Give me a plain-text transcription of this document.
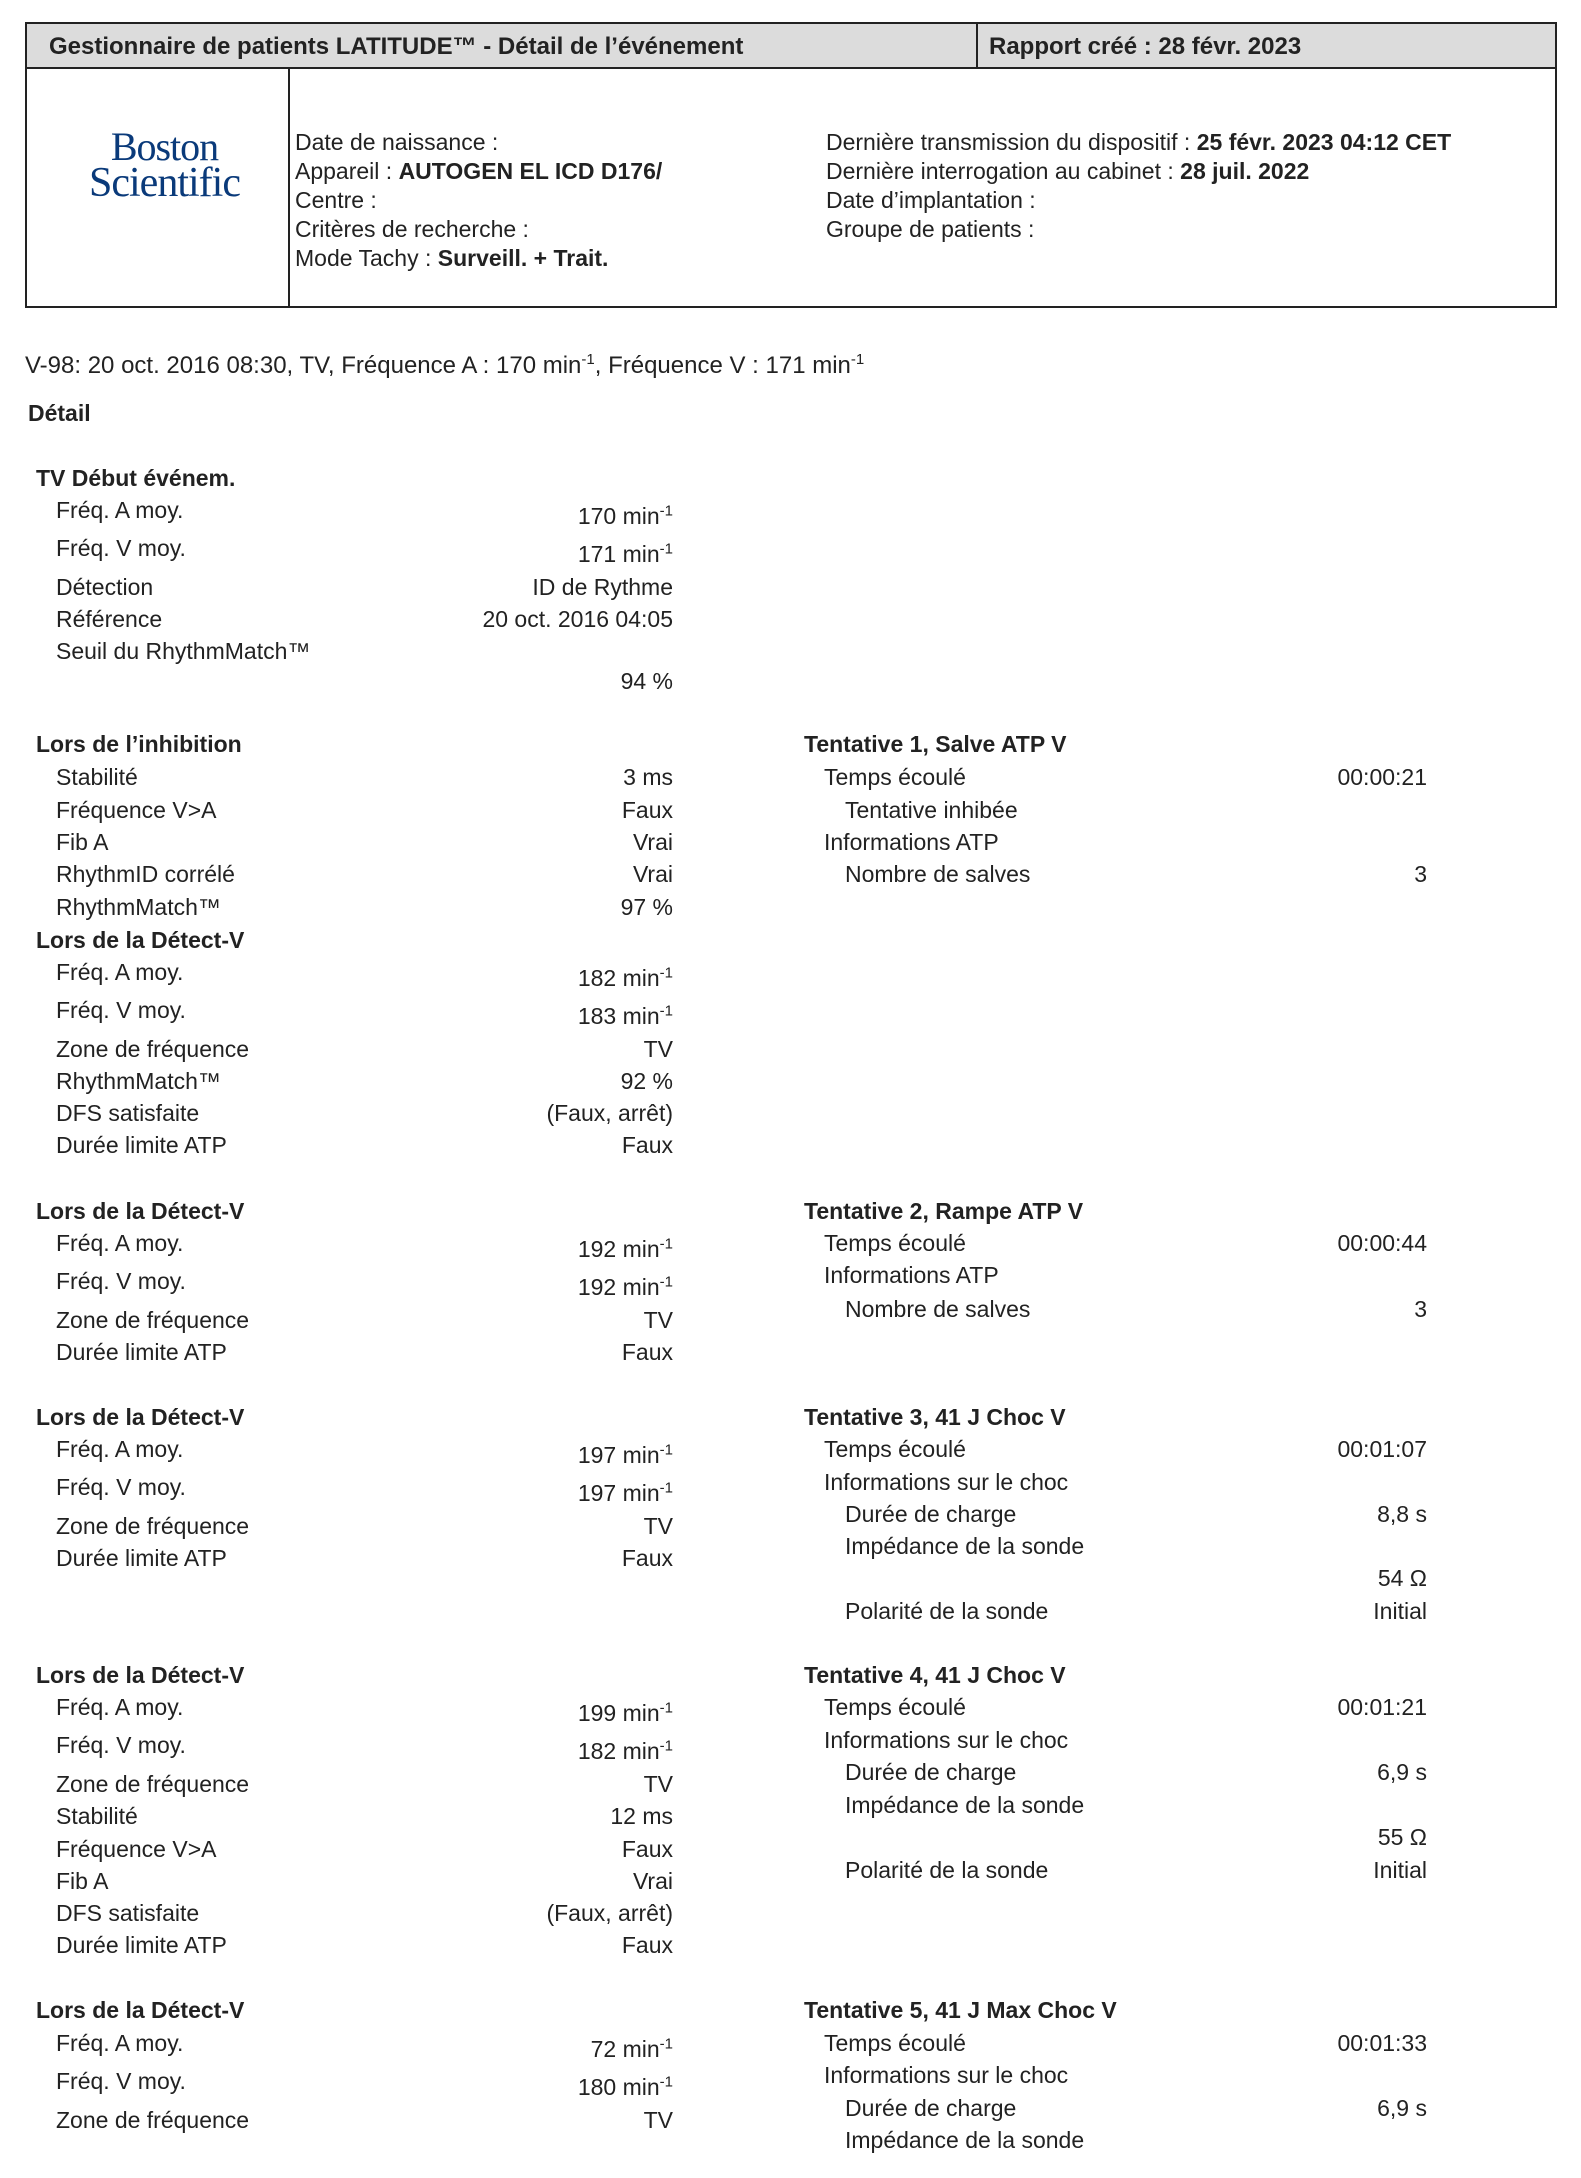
Gestionnaire de patients LATITUDE™ - Détail de l’événement	Rapport créé : 28 févr. 2023
Boston
Scientific
Date de naissance :
Appareil : AUTOGEN EL ICD D176/
Centre :
Critères de recherche :
Mode Tachy : Surveill. + Trait.
Dernière transmission du dispositif : 25 févr. 2023 04:12 CET
Dernière interrogation au cabinet : 28 juil. 2022
Date d’implantation :
Groupe de patients :
V-98: 20 oct. 2016 08:30, TV, Fréquence A : 170 $\min^{-1}$, Fréquence V : 171 $\min^{-1}$
Détail
TV Début événem.
Fréq. A moy.	170 $\min^{-1}$
Fréq. V moy.	171 $\min^{-1}$
Détection	ID de Rythme
Référence	20 oct. 2016 04:05
Seuil du RhythmMatch™
94 %
Lors de l’inhibition
Stabilité	3 ms
Fréquence V>A	Faux
Fib A	Vrai
RhythmID corrélé	Vrai
RhythmMatch™	97 %
Lors de la Détect-V
Fréq. A moy.	182 $\min^{-1}$
Fréq. V moy.	183 $\min^{-1}$
Zone de fréquence	TV
RhythmMatch™	92 %
DFS satisfaite	(Faux, arrêt)
Durée limite ATP	Faux
Lors de la Détect-V
Fréq. A moy.	192 $\min^{-1}$
Fréq. V moy.	192 $\min^{-1}$
Zone de fréquence	TV
Durée limite ATP	Faux
Lors de la Détect-V
Fréq. A moy.	197 $\min^{-1}$
Fréq. V moy.	197 $\min^{-1}$
Zone de fréquence	TV
Durée limite ATP	Faux
Lors de la Détect-V
Fréq. A moy.	199 $\min^{-1}$
Fréq. V moy.	182 $\min^{-1}$
Zone de fréquence	TV
Stabilité	12 ms
Fréquence V>A	Faux
Fib A	Vrai
DFS satisfaite	(Faux, arrêt)
Durée limite ATP	Faux
Lors de la Détect-V
Fréq. A moy.	72 $\min^{-1}$
Fréq. V moy.	180 $\min^{-1}$
Zone de fréquence	TV
Tentative 1, Salve ATP V
Temps écoulé	00:00:21
Tentative inhibée
Informations ATP
Nombre de salves	3
Tentative 2, Rampe ATP V
Temps écoulé	00:00:44
Informations ATP
Nombre de salves	3
Tentative 3, 41 J Choc V
Temps écoulé	00:01:07
Informations sur le choc
Durée de charge	8,8 s
Impédance de la sonde
54 Ω
Polarité de la sonde	Initial
Tentative 4, 41 J Choc V
Temps écoulé	00:01:21
Informations sur le choc
Durée de charge	6,9 s
Impédance de la sonde
55 Ω
Polarité de la sonde	Initial
Tentative 5, 41 J Max Choc V
Temps écoulé	00:01:33
Informations sur le choc
Durée de charge	6,9 s
Impédance de la sonde
